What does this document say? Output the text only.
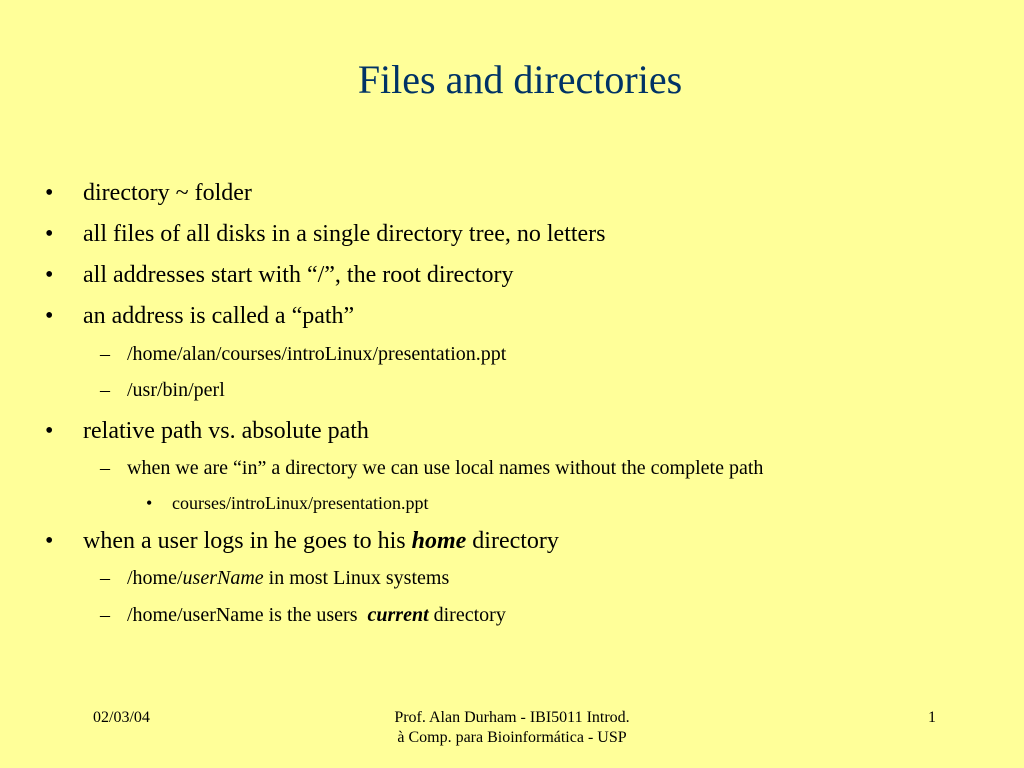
Files and directories
• directory ~ folder
• all files of all disks in a single directory tree, no letters
• all addresses start with “/”, the root directory
• an address is called a “path”
– /home/alan/courses/introLinux/presentation.ppt
– /usr/bin/perl
• relative path vs. absolute path
– when we are “in” a directory we can use local names without the complete path
• courses/introLinux/presentation.ppt
• when a user logs in he goes to his home directory
– /home/userName in most Linux systems
– /home/userName is the users  current directory
02/03/04	Prof. Alan Durham - IBI5011 Introd.
à Comp. para Bioinformática - USP
1
